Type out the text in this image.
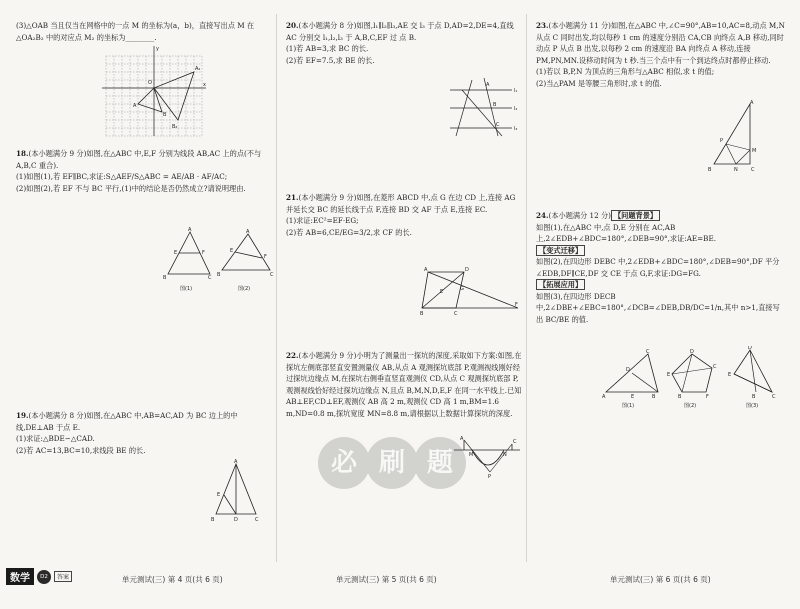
(3)△OAB 当且仅当在网格中的一点 M 的坐标为(a，b)，直接写出点 M 在△OA₂B₂ 中的对应点 M₂ 的坐标为________.

y
x
O
A
B
A₂
B₂

18.(本小题满分 9 分)如图,在△ABC 中,E,F 分别为线段 AB,AC 上的点(不与 A,B,C 重合).

(1)如图(1),若 EF∥BC,求证:S△AEF/S△ABC = AE/AB · AF/AC;

(2)如图(2),若 EF 不与 BC 平行,(1)中的结论是否仍然成立?请说明理由.

A
E	F
B	C
图(1)
A
E
F
B	C
图(2)

19.(本小题满分 8 分)如图,在△ABC 中,AB=AC,AD 为 BC 边上的中线,DE⊥AB 于点 E.

(1)求证:△BDE∽△CAD.

(2)若 AC=13,BC=10,求线段 BE 的长.

A
E
B	D	C

20.(本小题满分 8 分)如图,l₁∥l₂∥l₃,AE 交 l₃ 于点 D,AD=2,DE=4,直线 AC 分别交 l₁,l₂,l₃ 于 A,B,C,EF 过 点 B.

(1)若 AB=3,求 BC 的长.

(2)若 EF=7.5,求 BE 的长.

l₁
l₂
l₃
A
B
C

21.(本小题满分 9 分)如图,在菱形 ABCD 中,点 G 在边 CD 上,连接 AG 并延长交 BC 的延长线于点 F,连接 BD 交 AF 于点 E,连接 EC.

(1)求证:EC²=EF·EG;

(2)若 AB=6,CE/EG=3/2,求 CF 的长.

A	D
B	C
F
G
E

22.(本小题满分 9 分)小明为了测量出一探坑的深度,采取如下方案:如图,在探坑左侧底部竖直安置测量仪 AB,从点 A 观测探坑底部 P,观测视线刚好经过探坑边缘点 M,在探坑右侧垂直竖直观测仪 CD,从点 C 观测探坑底部 P,观测视线恰好经过探坑边缘点 N,且点 B,M,N,D,E,F 在同一水平线上.已知 AB⊥EF,CD⊥EF,观测仪 AB 高 2 m,观测仪 CD 高 1 m,BM=1.6 m,ND=0.8 m,探坑宽度 MN=8.8 m,请根据以上数据计算探坑的深度.

A	C
P
M	N

23.(本小题满分 11 分)如图,在△ABC 中,∠C=90°,AB=10,AC=8,动点 M,N 从点 C 同时出发,均以每秒 1 cm 的速度分别沿 CA,CB 向终点 A,B 移动,同时动点 P 从点 B 出发,以每秒 2 cm 的速度沿 BA 向终点 A 移动,连接 PM,PN,MN.设移动时间为 t 秒.当三个点中有一个到达终点时都停止移动.

(1)若以 B,P,N 为顶点的三角形与△ABC 相似,求 t 的值;

(2)当△PAM 是等腰三角形时,求 t 的值.

A
B	C
M
N
P

24.(本小题满分 12 分) 【问题背景】

如图(1),在△ABC 中,点 D,E 分别在 AC,AB 上,2∠EDB+∠BDC=180°,∠DEB=90°,求证:AE=BE.

【变式迁移】

如图(2),在四边形 DEBC 中,2∠EDB+∠BDC=180°,∠DEB=90°,DF 平分∠EDB,DF∥CE,DF 交 CE 于点 G,F,求证:DG=FG.

【拓展应用】

如图(3),在四边形 DECB 中,2∠DBE+∠EBC=180°,∠DCB=∠DEB,DB/DC=1/n,其中 n>1,直接写出 BC/BE 的值.

A	B
C
D
E
图(1)
D
E
B	F
C
图(2)
D
E
B	C
图(3)
必 刷 题
数学	D2	答案	单元测试(三) 第 4 页(共 6 页)	单元测试(三) 第 5 页(共 6 页)	单元测试(三) 第 6 页(共 6 页)
